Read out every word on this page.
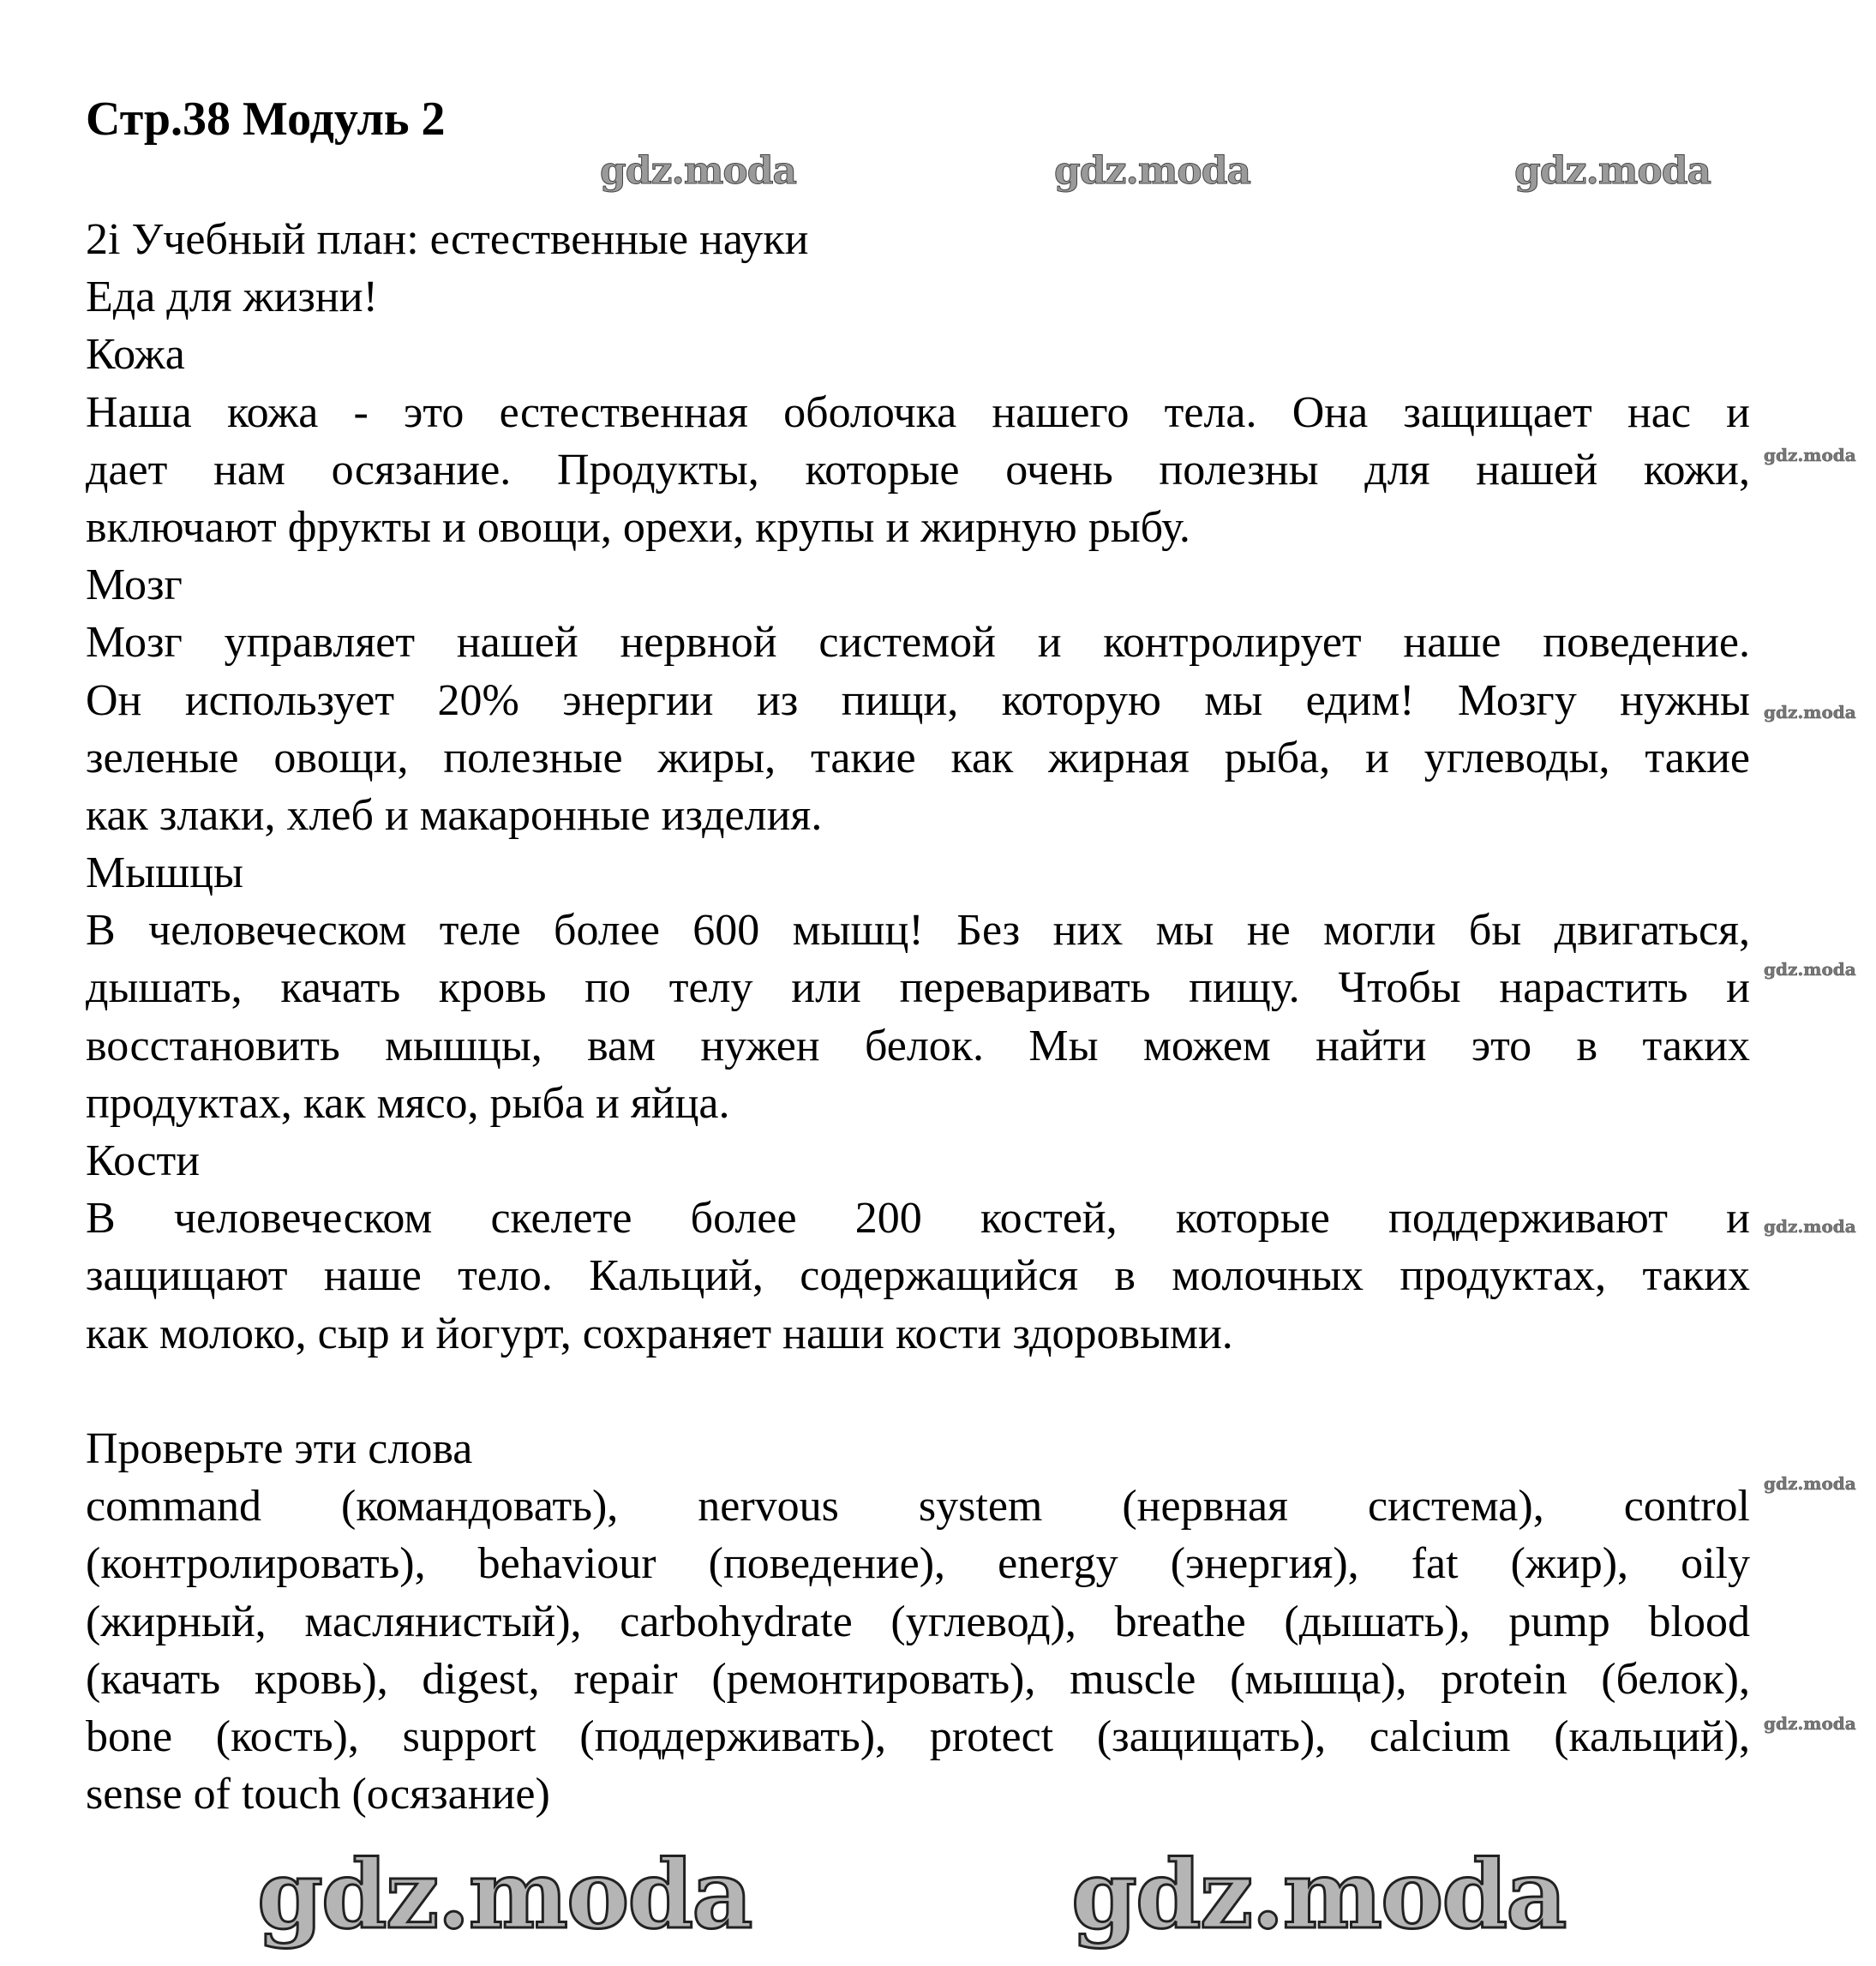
Стр.38 Модуль 2
2i Учебный план: естественные науки
Еда для жизни!
Кожа
Наша кожа - это естественная оболочка нашего тела. Она защищает нас и
дает нам осязание. Продукты, которые очень полезны для нашей кожи,
включают фрукты и овощи, орехи, крупы и жирную рыбу.
Мозг
Мозг управляет нашей нервной системой и контролирует наше поведение.
Он использует 20% энергии из пищи, которую мы едим! Мозгу нужны
зеленые овощи, полезные жиры, такие как жирная рыба, и углеводы, такие
как злаки, хлеб и макаронные изделия.
Мышцы
В человеческом теле более 600 мышц! Без них мы не могли бы двигаться,
дышать, качать кровь по телу или переваривать пищу. Чтобы нарастить и
восстановить мышцы, вам нужен белок. Мы можем найти это в таких
продуктах, как мясо, рыба и яйца.
Кости
В человеческом скелете более 200 костей, которые поддерживают и
защищают наше тело. Кальций, содержащийся в молочных продуктах, таких
как молоко, сыр и йогурт, сохраняет наши кости здоровыми.
Проверьте эти слова
command (командовать), nervous system (нервная система), control
(контролировать), behaviour (поведение), energy (энергия), fat (жир), oily
(жирный, маслянистый), carbohydrate (углевод), breathe (дышать), pump blood
(качать кровь), digest, repair (ремонтировать), muscle (мышца), protein (белок),
bone (кость), support (поддерживать), protect (защищать), calcium (кальций),
sense of touch (осязание)
gdz.moda	gdz.moda
gdz.moda
gdz.moda
gdz.moda
gdz.moda
gdz.moda
gdz.moda
gdz.moda
gdz.moda	gdz.moda
